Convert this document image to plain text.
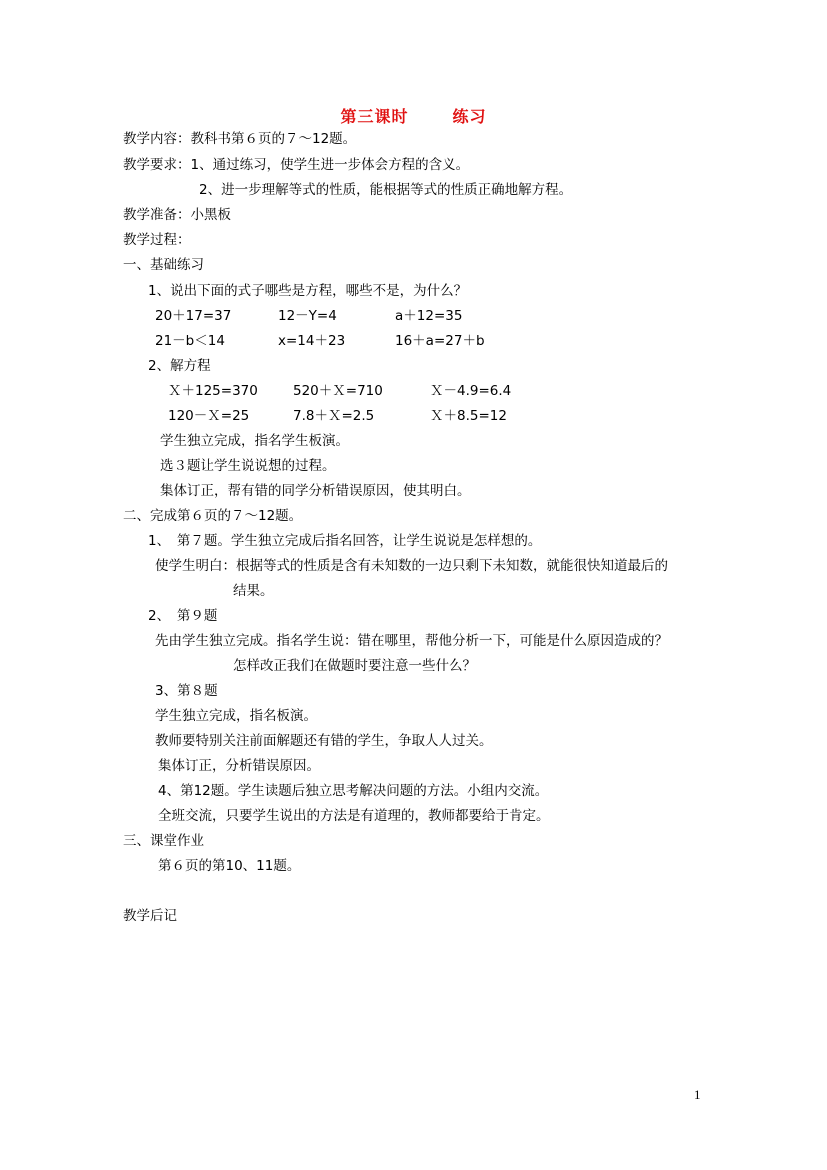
第三课时	练习
教学内容：教科书第６页的７～12题。
教学要求：1、通过练习，使学生进一步体会方程的含义。
2、进一步理解等式的性质，能根据等式的性质正确地解方程。
教学准备：小黑板
教学过程：
一、基础练习
1、说出下面的式子哪些是方程，哪些不是，为什么？
20＋17=37	12－Y=4	a＋12=35
21－b＜14	x=14＋23	16＋a=27＋b
2、解方程
Ｘ＋125=370	520＋Ｘ=710	Ｘ－4.9=6.4
120－Ｘ=25	7.8＋Ｘ=2.5	Ｘ＋8.5=12
学生独立完成，指名学生板演。
选３题让学生说说想的过程。
集体订正，帮有错的同学分析错误原因，使其明白。
二、完成第６页的７～12题。
1、　第７题。学生独立完成后指名回答，让学生说说是怎样想的。
使学生明白：根据等式的性质是含有未知数的一边只剩下未知数，就能很快知道最后的
结果。
2、　第９题
先由学生独立完成。指名学生说：错在哪里，帮他分析一下，可能是什么原因造成的？
怎样改正我们在做题时要注意一些什么？
3、第８题
学生独立完成，指名板演。
教师要特别关注前面解题还有错的学生，争取人人过关。
集体订正，分析错误原因。
4、第12题。学生读题后独立思考解决问题的方法。小组内交流。
全班交流，只要学生说出的方法是有道理的，教师都要给于肯定。
三、课堂作业
第６页的第10、11题。
教学后记
1
